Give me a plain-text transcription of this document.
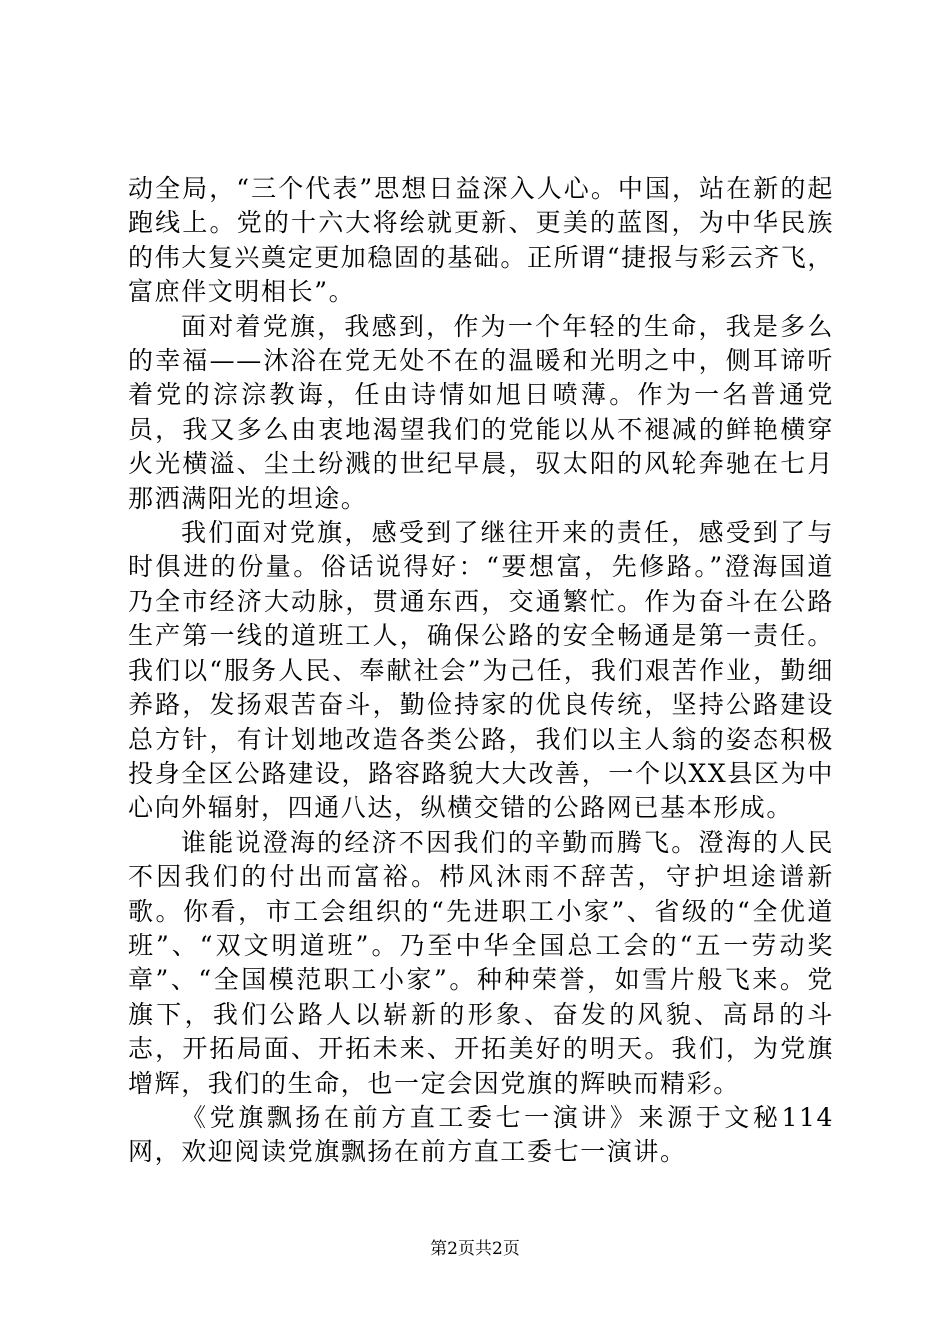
动全局，“三个代表”思想日益深入人心。中国，站在新的起跑线上。党的十六大将绘就更新、更美的蓝图，为中华民族的伟大复兴奠定更加稳固的基础。正所谓“捷报与彩云齐飞，富庶伴文明相长”。

面对着党旗，我感到，作为一个年轻的生命，我是多么的幸福——沐浴在党无处不在的温暖和光明之中，侧耳谛听着党的淙淙教诲，任由诗情如旭日喷薄。作为一名普通党员，我又多么由衷地渴望我们的党能以从不褪减的鲜艳横穿火光横溢、尘土纷溅的世纪早晨，驭太阳的风轮奔驰在七月那洒满阳光的坦途。

我们面对党旗，感受到了继往开来的责任，感受到了与时俱进的份量。俗话说得好：“要想富，先修路。”澄海国道乃全市经济大动脉，贯通东西，交通繁忙。作为奋斗在公路生产第一线的道班工人，确保公路的安全畅通是第一责任。我们以“服务人民、奉献社会”为己任，我们艰苦作业，勤细养路，发扬艰苦奋斗，勤俭持家的优良传统，坚持公路建设总方针，有计划地改造各类公路，我们以主人翁的姿态积极投身全区公路建设，路容路貌大大改善，一个以XX县区为中心向外辐射，四通八达，纵横交错的公路网已基本形成。

谁能说澄海的经济不因我们的辛勤而腾飞。澄海的人民不因我们的付出而富裕。栉风沐雨不辞苦，守护坦途谱新歌。你看，市工会组织的“先进职工小家”、省级的“全优道班”、“双文明道班”。乃至中华全国总工会的“五一劳动奖章”、“全国模范职工小家”。种种荣誉，如雪片般飞来。党旗下，我们公路人以崭新的形象、奋发的风貌、高昂的斗志，开拓局面、开拓未来、开拓美好的明天。我们，为党旗增辉，我们的生命，也一定会因党旗的辉映而精彩。

《党旗飘扬在前方直工委七一演讲》来源于文秘114网，欢迎阅读党旗飘扬在前方直工委七一演讲。

第2页共2页
